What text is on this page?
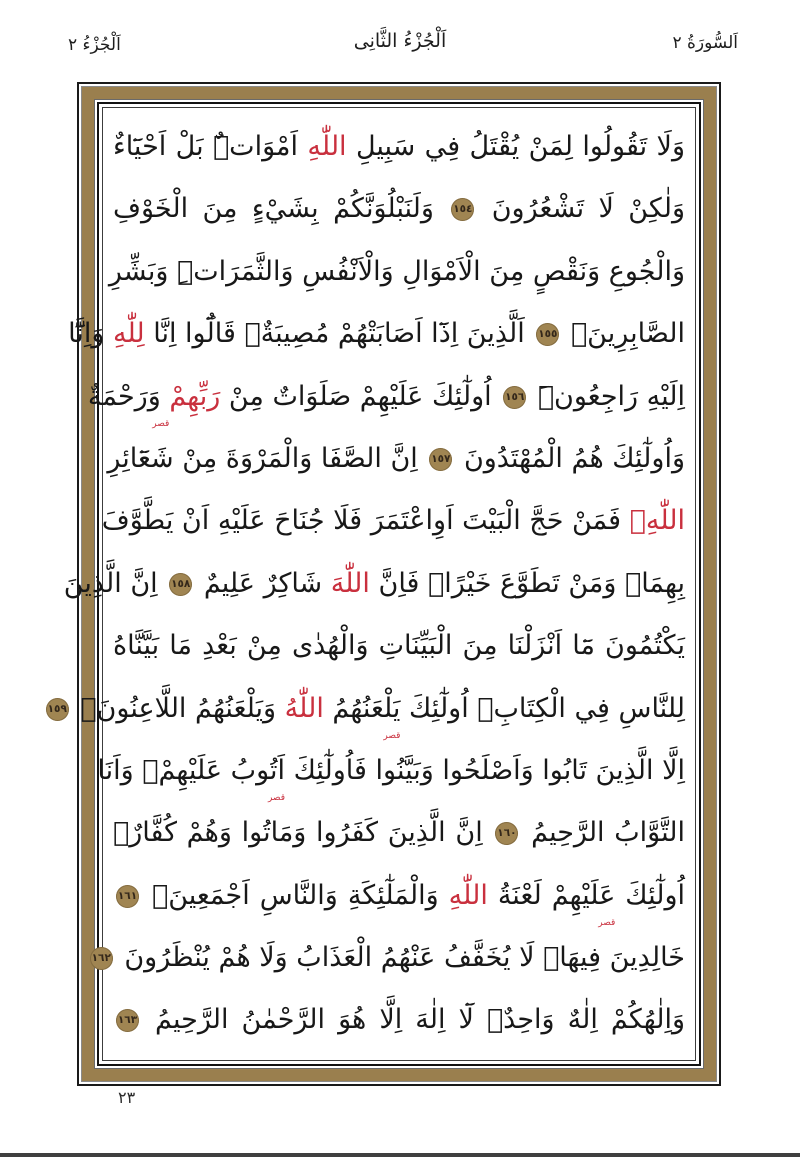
اَلسُّورَةُ ٢
اَلْجُزْءُ الثَّانِى
اَلْجُزْءُ ٢
وَلَا تَقُولُوا لِمَنْ يُقْتَلُ فِي سَبِيلِ اللّٰهِ اَمْوَاتٌۜ بَلْ اَحْيَٓاءٌ
وَلٰكِنْ لَا تَشْعُرُونَ ١٥٤ وَلَنَبْلُوَنَّكُمْ بِشَيْءٍ مِنَ الْخَوْفِ
وَالْجُوعِ وَنَقْصٍ مِنَ الْاَمْوَالِ وَالْاَنْفُسِ وَالثَّمَرَاتِۜ وَبَشِّرِ
الصَّابِرِينَۙ ١٥٥ اَلَّذِينَ اِذَٓا اَصَابَتْهُمْ مُصِيبَةٌۙ قَالُٓوا اِنَّا لِلّٰهِ وَاِنَّٓا
اِلَيْهِ رَاجِعُونَۜ ١٥٦ اُولٰٓئِكَ عَلَيْهِمْ صَلَوَاتٌ مِنْ رَبِّهِمْقصر وَرَحْمَةٌ
وَاُولٰٓئِكَ هُمُ الْمُهْتَدُونَ ١٥٧ اِنَّ الصَّفَا وَالْمَرْوَةَ مِنْ شَعَٓائِرِ
اللّٰهِۚ فَمَنْ حَجَّ الْبَيْتَ اَوِاعْتَمَرَ فَلَا جُنَاحَ عَلَيْهِ اَنْ يَطَّوَّفَ
بِهِمَاۜ وَمَنْ تَطَوَّعَ خَيْرًاۙ فَاِنَّ اللّٰهَ شَاكِرٌ عَلِيمٌ ١٥٨ اِنَّ الَّذِينَ
يَكْتُمُونَ مَٓا اَنْزَلْنَا مِنَ الْبَيِّنَاتِ وَالْهُدٰى مِنْ بَعْدِ مَا بَيَّنَّاهُ
لِلنَّاسِ فِي الْكِتَابِۙ اُولٰٓئِكَ قصريَلْعَنُهُمُ اللّٰهُ وَيَلْعَنُهُمُ اللَّاعِنُونَۙ ١٥٩
اِلَّا الَّذِينَ تَابُوا وَاَصْلَحُوا وَبَيَّنُوا فَاُولٰٓئِكَ قصراَتُوبُ عَلَيْهِمْۚ وَاَنَا
التَّوَّابُ الرَّحِيمُ ١٦٠ اِنَّ الَّذِينَ كَفَرُوا وَمَاتُوا وَهُمْ كُفَّارٌۙ
اُولٰٓئِكَ قصرعَلَيْهِمْ لَعْنَةُ اللّٰهِ وَالْمَلٰٓئِكَةِ وَالنَّاسِ اَجْمَعِينَۙ ١٦١
خَالِدِينَ فِيهَاۚ لَا يُخَفَّفُ عَنْهُمُ الْعَذَابُ وَلَا هُمْ يُنْظَرُونَ ١٦٢
وَاِلٰهُكُمْ اِلٰهٌ وَاحِدٌۚ لَٓا اِلٰهَ اِلَّا هُوَ الرَّحْمٰنُ الرَّحِيمُ ١٦٣
٢٣
